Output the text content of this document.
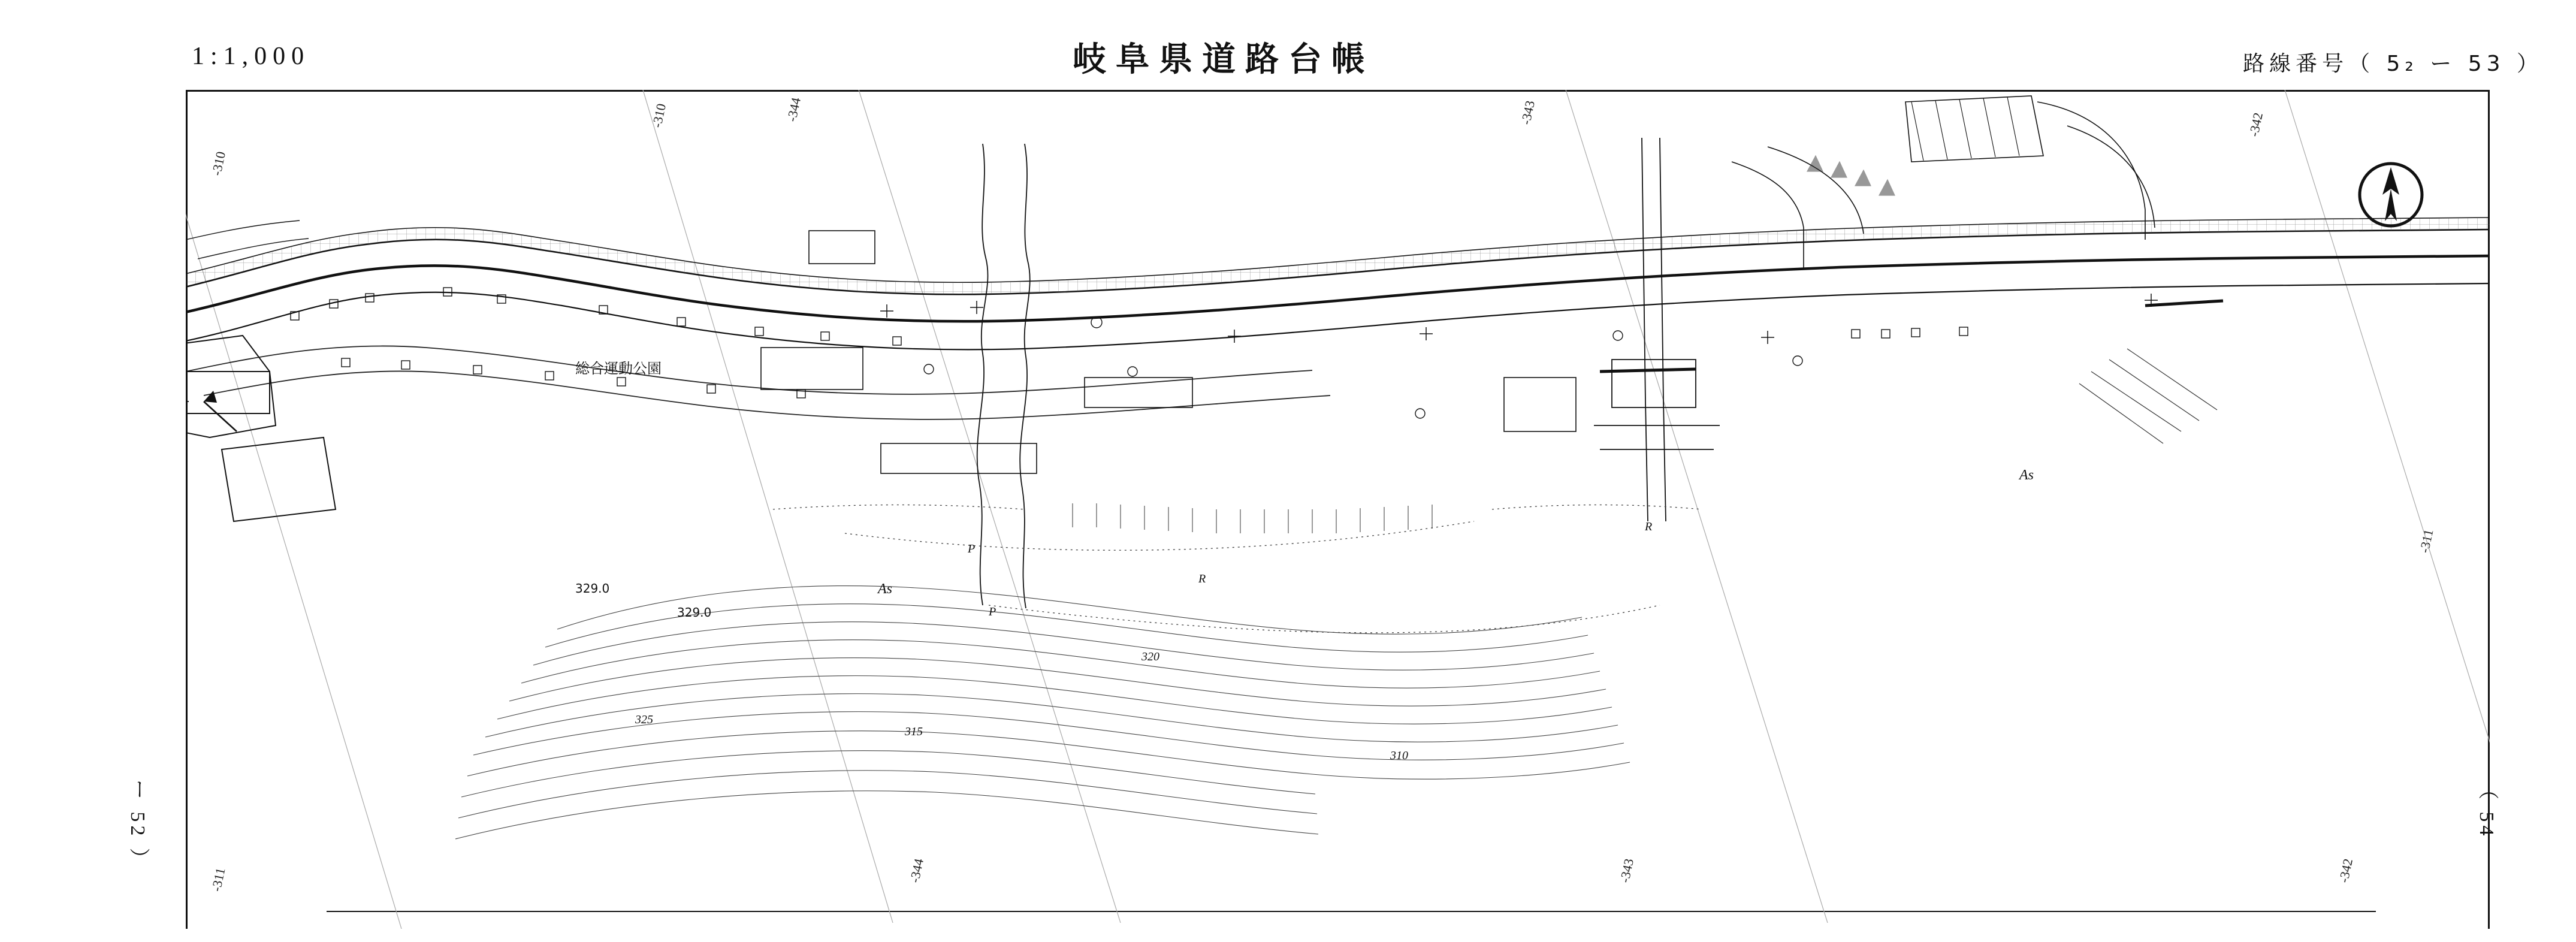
1:1,000	岐阜県道路台帳	路線番号（ 5₂ ー 53 ）
ー 52 ）	（ 54
-310	-344	-343	-342
-311	-344	-343	-342
-310
-311
総合運動公園
As
As
P
P
R
R
329.0
329.0
320
325
315
310
